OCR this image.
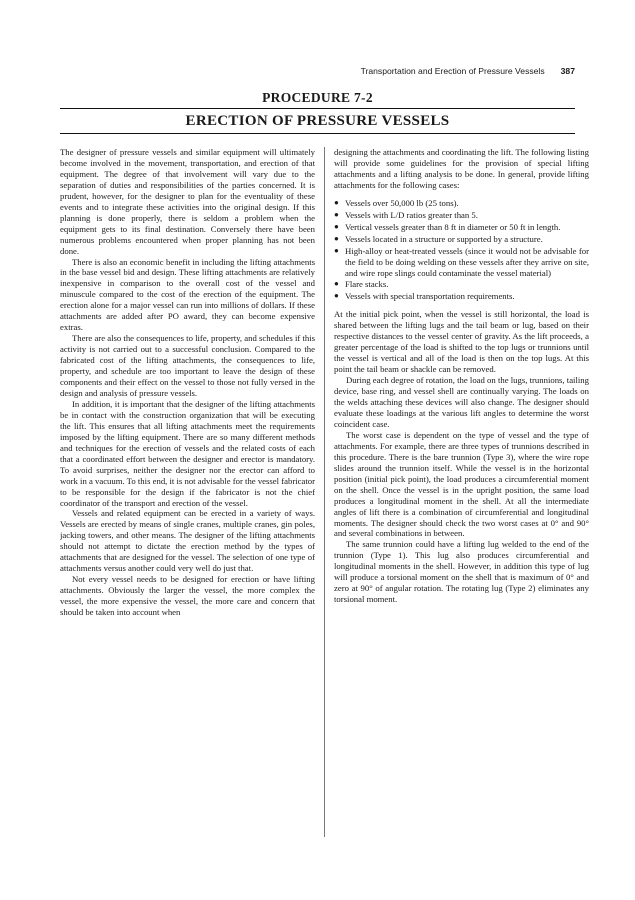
Transportation and Erection of Pressure Vessels 387
PROCEDURE 7-2
ERECTION OF PRESSURE VESSELS

The designer of pressure vessels and similar equipment will ultimately become involved in the movement, transportation, and erection of that equipment. The degree of that involvement will vary due to the separation of duties and responsibilities of the parties concerned. It is prudent, however, for the designer to plan for the eventuality of these events and to integrate these activities into the original design. If this planning is done properly, there is seldom a problem when the equipment gets to its final destination. Conversely there have been numerous problems encountered when proper planning has not been done.

There is also an economic benefit in including the lifting attachments in the base vessel bid and design. These lifting attachments are relatively inexpensive in comparison to the overall cost of the vessel and minuscule compared to the cost of the erection of the equipment. The erection alone for a major vessel can run into millions of dollars. If these attachments are added after PO award, they can become expensive extras.

There are also the consequences to life, property, and schedules if this activity is not carried out to a successful conclusion. Compared to the fabricated cost of the lifting attachments, the consequences to life, property, and schedule are too important to leave the design of these components and their effect on the vessel to those not fully versed in the design and analysis of pressure vessels.

In addition, it is important that the designer of the lifting attachments be in contact with the construction organization that will be executing the lift. This ensures that all lifting attachments meet the requirements imposed by the lifting equipment. There are so many different methods and techniques for the erection of vessels and the related costs of each that a coordinated effort between the designer and erector is mandatory. To avoid surprises, neither the designer nor the erector can afford to work in a vacuum. To this end, it is not advisable for the vessel fabricator to be responsible for the design if the fabricator is not the chief coordinator of the transport and erection of the vessel.

Vessels and related equipment can be erected in a variety of ways. Vessels are erected by means of single cranes, multiple cranes, gin poles, jacking towers, and other means. The designer of the lifting attachments should not attempt to dictate the erection method by the types of attachments that are designed for the vessel. The selection of one type of attachments versus another could very well do just that.

Not every vessel needs to be designed for erection or have lifting attachments. Obviously the larger the vessel, the more complex the vessel, the more expensive the vessel, the more care and concern that should be taken into account when

designing the attachments and coordinating the lift. The following listing will provide some guidelines for the provision of special lifting attachments and a lifting analysis to be done. In general, provide lifting attachments for the following cases:

● Vessels over 50,000 lb (25 tons).
● Vessels with L/D ratios greater than 5.
● Vertical vessels greater than 8 ft in diameter or 50 ft in length.
● Vessels located in a structure or supported by a structure.
● High-alloy or heat-treated vessels (since it would not be advisable for the field to be doing welding on these vessels after they arrive on site, and wire rope slings could contaminate the vessel material)
● Flare stacks.
● Vessels with special transportation requirements.

At the initial pick point, when the vessel is still horizontal, the load is shared between the lifting lugs and the tail beam or lug, based on their respective distances to the vessel center of gravity. As the lift proceeds, a greater percentage of the load is shifted to the top lugs or trunnions until the vessel is vertical and all of the load is then on the top lugs. At this point the tail beam or shackle can be removed.

During each degree of rotation, the load on the lugs, trunnions, tailing device, base ring, and vessel shell are continually varying. The loads on the welds attaching these devices will also change. The designer should evaluate these loadings at the various lift angles to determine the worst coincident case.

The worst case is dependent on the type of vessel and the type of attachments. For example, there are three types of trunnions described in this procedure. There is the bare trunnion (Type 3), where the wire rope slides around the trunnion itself. While the vessel is in the horizontal position (initial pick point), the load produces a circumferential moment on the shell. Once the vessel is in the upright position, the same load produces a longitudinal moment in the shell. At all the intermediate angles of lift there is a combination of circumferential and longitudinal moments. The designer should check the two worst cases at 0° and 90° and several combinations in between.

The same trunnion could have a lifting lug welded to the end of the trunnion (Type 1). This lug also produces circumferential and longitudinal moments in the shell. However, in addition this type of lug will produce a torsional moment on the shell that is maximum of 0° and zero at 90° of angular rotation. The rotating lug (Type 2) eliminates any torsional moment.
